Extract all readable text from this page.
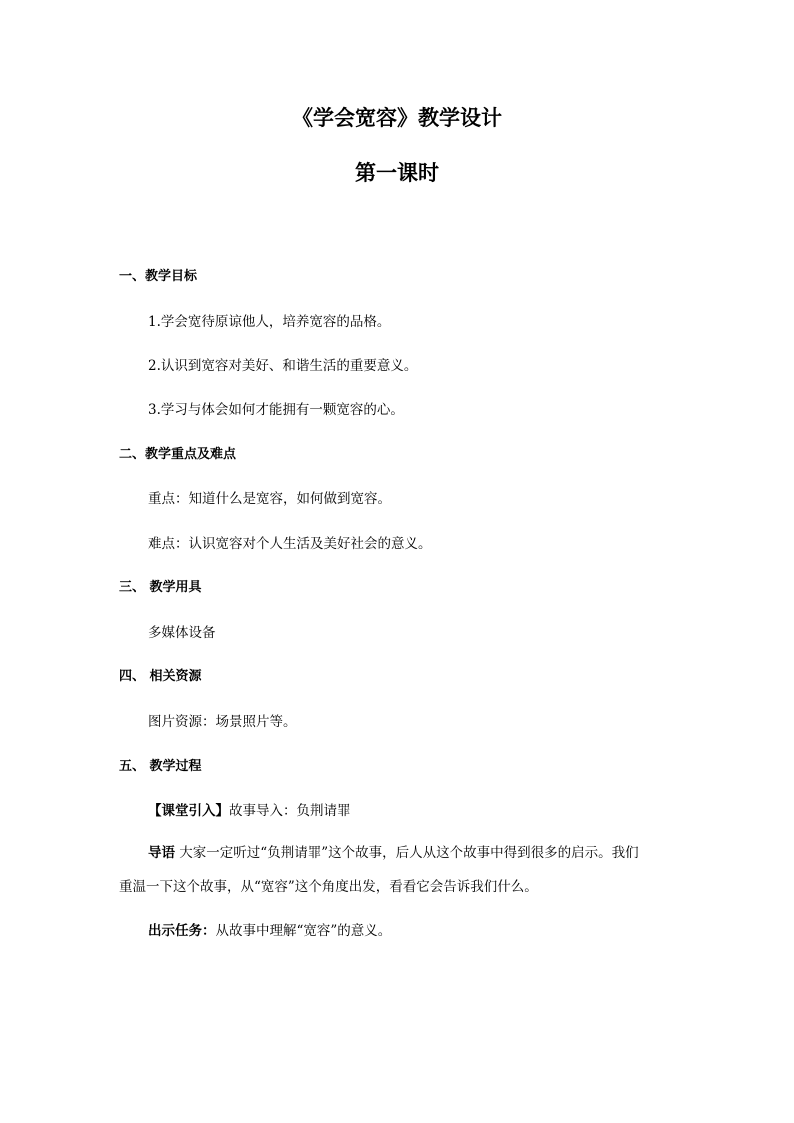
《学会宽容》教学设计
第一课时
一、教学目标
1.学会宽待原谅他人，培养宽容的品格。
2.认识到宽容对美好、和谐生活的重要意义。
3.学习与体会如何才能拥有一颗宽容的心。
二、教学重点及难点
重点：知道什么是宽容，如何做到宽容。
难点：认识宽容对个人生活及美好社会的意义。
三、 教学用具
多媒体设备
四、 相关资源
图片资源：场景照片等。
五、 教学过程
【课堂引入】故事导入：负荆请罪
导语 大家一定听过“负荆请罪”这个故事，后人从这个故事中得到很多的启示。我们
重温一下这个故事，从“宽容”这个角度出发，看看它会告诉我们什么。
出示任务：从故事中理解“宽容”的意义。
